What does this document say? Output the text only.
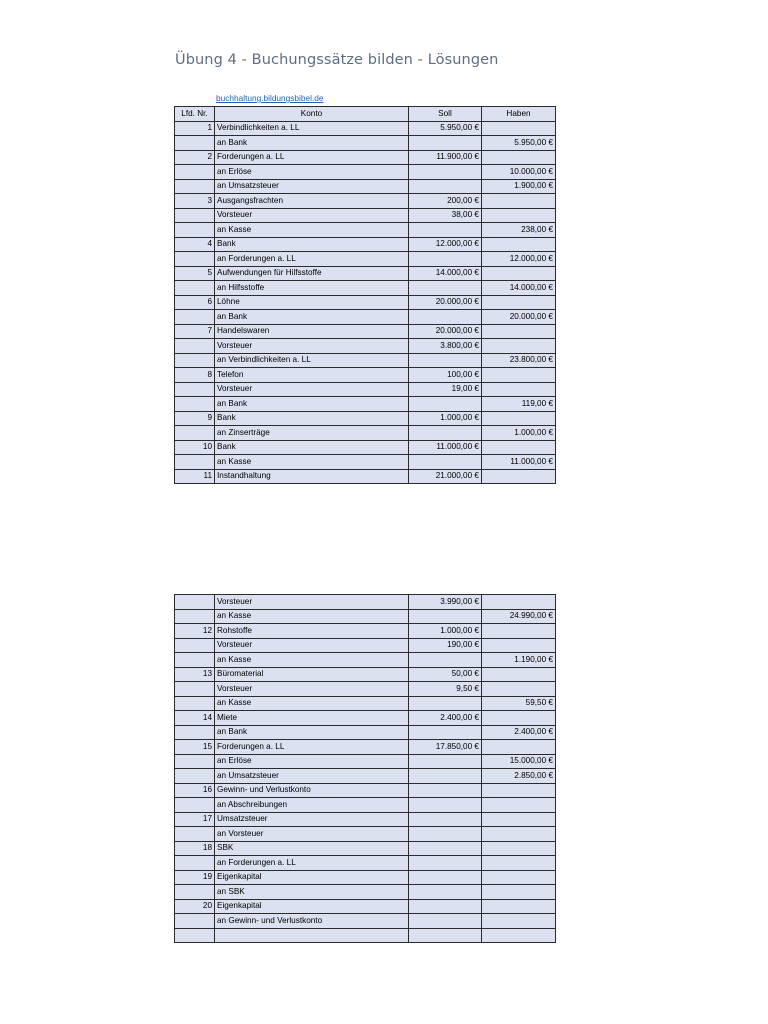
Übung 4 - Buchungssätze bilden - Lösungen
buchhaltung.bildungsbibel.de
Lfd. Nr.	Konto	Soll	Haben
1	Verbindlichkeiten a. LL	5.950,00 €	
	an Bank		5.950,00 €
2	Forderungen a. LL	11.900,00 €	
	an Erlöse		10.000,00 €
	an Umsatzsteuer		1.900,00 €
3	Ausgangsfrachten	200,00 €	
	Vorsteuer	38,00 €	
	an Kasse		238,00 €
4	Bank	12.000,00 €	
	an Forderungen a. LL		12.000,00 €
5	Aufwendungen für Hilfsstoffe	14.000,00 €	
	an Hilfsstoffe		14.000,00 €
6	Löhne	20.000,00 €	
	an Bank		20.000,00 €
7	Handelswaren	20.000,00 €	
	Vorsteuer	3.800,00 €	
	an Verbindlichkeiten a. LL		23.800,00 €
8	Telefon	100,00 €	
	Vorsteuer	19,00 €	
	an Bank		119,00 €
9	Bank	1.000,00 €	
	an Zinserträge		1.000,00 €
10	Bank	11.000,00 €	
	an Kasse		11.000,00 €
11	Instandhaltung	21.000,00 €	
	Vorsteuer	3.990,00 €	
	an Kasse		24.990,00 €
12	Rohstoffe	1.000,00 €	
	Vorsteuer	190,00 €	
	an Kasse		1.190,00 €
13	Büromaterial	50,00 €	
	Vorsteuer	9,50 €	
	an Kasse		59,50 €
14	Miete	2.400,00 €	
	an Bank		2.400,00 €
15	Forderungen a. LL	17.850,00 €	
	an Erlöse		15.000,00 €
	an Umsatzsteuer		2.850,00 €
16	Gewinn- und Verlustkonto		
	an Abschreibungen		
17	Umsatzsteuer		
	an Vorsteuer		
18	SBK		
	an Forderungen a. LL		
19	Eigenkapital		
	an SBK		
20	Eigenkapital		
	an Gewinn- und Verlustkonto		
